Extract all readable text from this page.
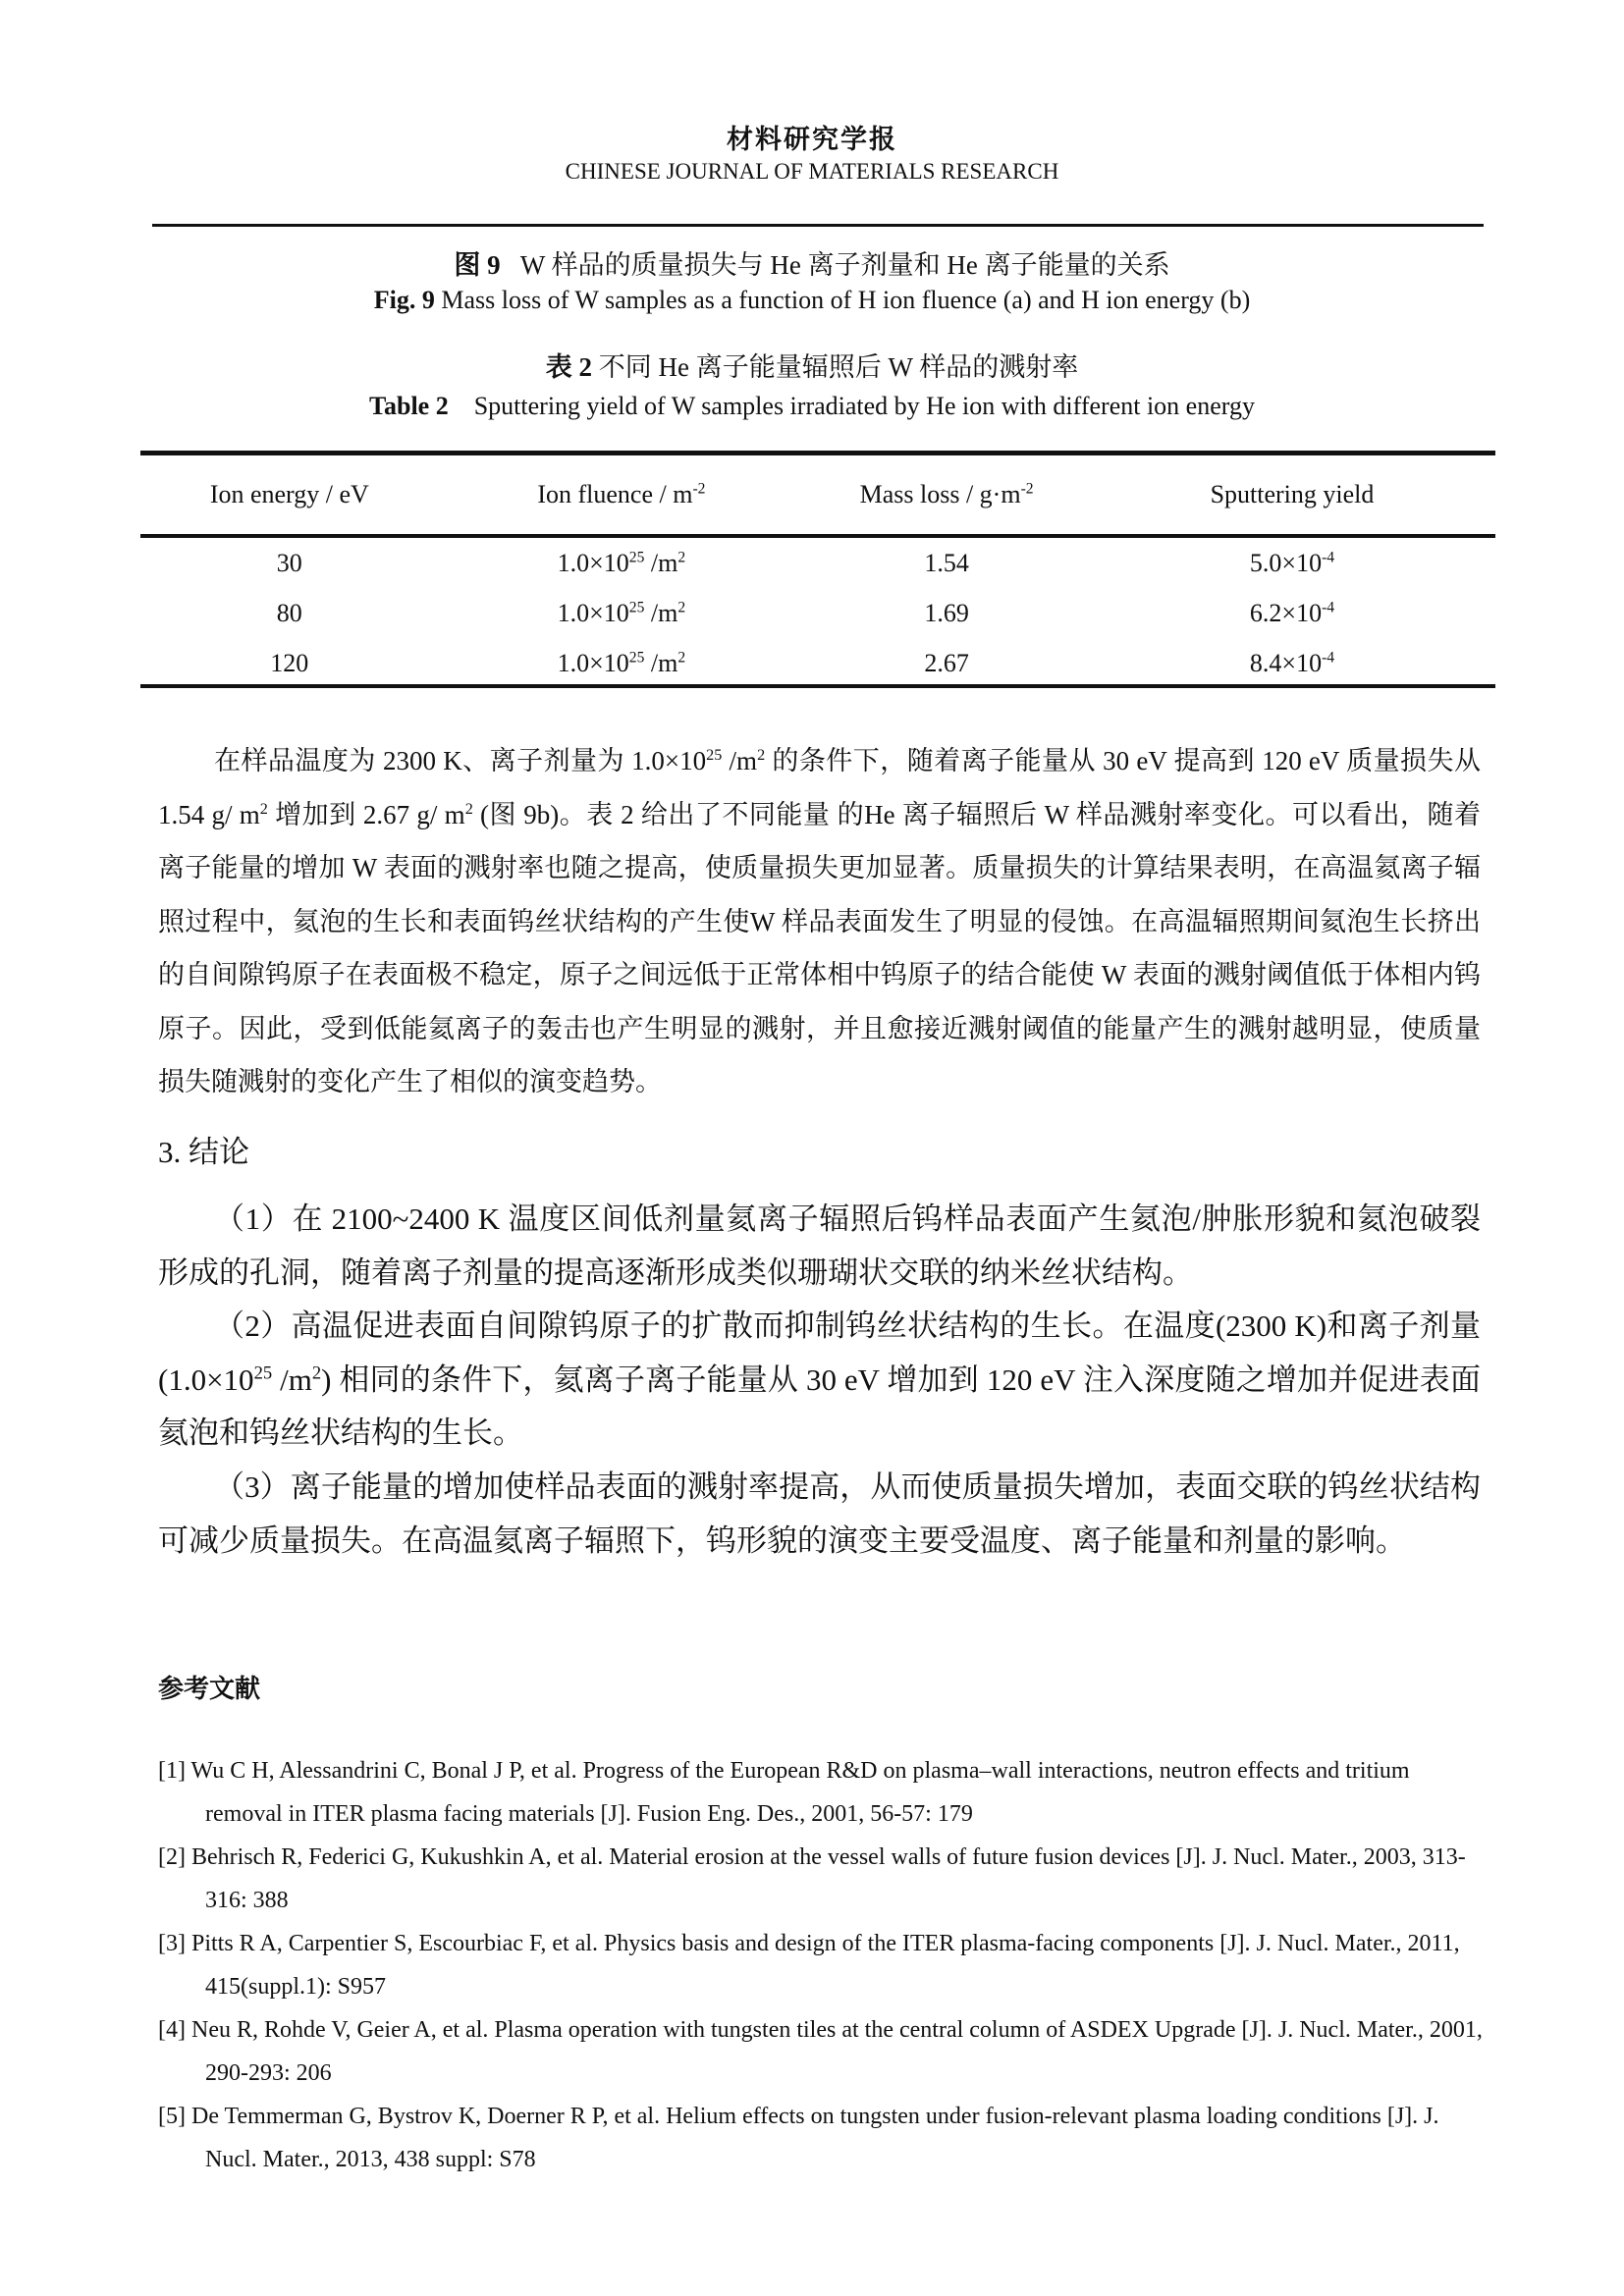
材料研究学报
CHINESE JOURNAL OF MATERIALS RESEARCH
图 9 W 样品的质量损失与 He 离子剂量和 He 离子能量的关系
Fig. 9 Mass loss of W samples as a function of H ion fluence (a) and H ion energy (b)
表 2 不同 He 离子能量辐照后 W 样品的溅射率
Table 2 Sputtering yield of W samples irradiated by He ion with different ion energy
Ion energy / eV	Ion fluence / $m^{-2}$	Mass loss / $g\cdot m^{-2}$	Sputtering yield
30	$1.0\times 10^{25}$ $/m^2$	1.54	$5.0\times 10^{-4}$
80	$1.0\times 10^{25}$ $/m^2$	1.69	$6.2\times 10^{-4}$
120	$1.0\times 10^{25}$ $/m^2$	2.67	$8.4\times 10^{-4}$
在样品温度为 2300 K、离子剂量为 $1.0\times 10^{25}$ $/m^2$ 的条件下，随着离子能量从 30 eV 提高到 120 eV 质量损失从 1.54 g/ $m^2$ 增加到 2.67 g/ $m^2$ (图 9b)。表 2 给出了不同能量 的He 离子辐照后 W 样品溅射率变化。可以看出，随着离子能量的增加 W 表面的溅射率也随之提高，使质量损失更加显著。质量损失的计算结果表明，在高温氦离子辐照过程中，氦泡的生长和表面钨丝状结构的产生使W 样品表面发生了明显的侵蚀。在高温辐照期间氦泡生长挤出的自间隙钨原子在表面极不稳定，原子之间远低于正常体相中钨原子的结合能使 W 表面的溅射阈值低于体相内钨原子。因此，受到低能氦离子的轰击也产生明显的溅射，并且愈接近溅射阈值的能量产生的溅射越明显，使质量损失随溅射的变化产生了相似的演变趋势。
3. 结论
（1）在 2100~2400 K 温度区间低剂量氦离子辐照后钨样品表面产生氦泡/肿胀形貌和氦泡破裂形成的孔洞，随着离子剂量的提高逐渐形成类似珊瑚状交联的纳米丝状结构。
（2）高温促进表面自间隙钨原子的扩散而抑制钨丝状结构的生长。在温度(2300 K)和离子剂量($1.0\times 10^{25}$ $/m^2$) 相同的条件下，氦离子离子能量从 30 eV 增加到 120 eV 注入深度随之增加并促进表面氦泡和钨丝状结构的生长。
（3）离子能量的增加使样品表面的溅射率提高，从而使质量损失增加，表面交联的钨丝状结构可减少质量损失。在高温氦离子辐照下，钨形貌的演变主要受温度、离子能量和剂量的影响。
参考文献
[1] Wu C H, Alessandrini C, Bonal J P, et al. Progress of the European R&D on plasma–wall interactions, neutron effects and tritium removal in ITER plasma facing materials [J]. Fusion Eng. Des., 2001, 56-57: 179
[2] Behrisch R, Federici G, Kukushkin A, et al. Material erosion at the vessel walls of future fusion devices [J]. J. Nucl. Mater., 2003, 313-316: 388
[3] Pitts R A, Carpentier S, Escourbiac F, et al. Physics basis and design of the ITER plasma-facing components [J]. J. Nucl. Mater., 2011, 415(suppl.1): S957
[4] Neu R, Rohde V, Geier A, et al. Plasma operation with tungsten tiles at the central column of ASDEX Upgrade [J]. J. Nucl. Mater., 2001, 290-293: 206
[5] De Temmerman G, Bystrov K, Doerner R P, et al. Helium effects on tungsten under fusion-relevant plasma loading conditions [J]. J. Nucl. Mater., 2013, 438 suppl: S78
